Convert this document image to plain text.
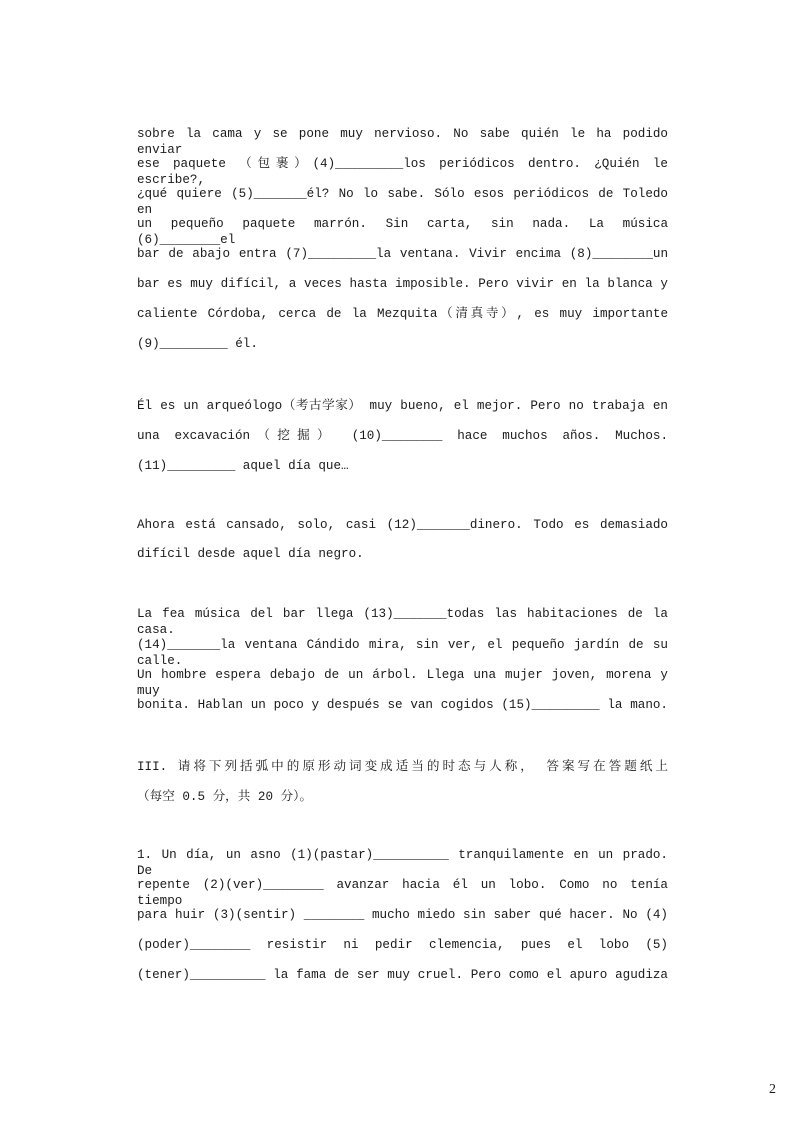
sobre la cama y se pone muy nervioso. No sabe quién le ha podido enviar
ese paquete （包裹）(4)_________los periódicos dentro. ¿Quién le escribe?,
¿qué quiere (5)_______él? No lo sabe. Sólo esos periódicos de Toledo en
un pequeño paquete marrón. Sin carta, sin nada. La música (6)________el
bar de abajo entra (7)_________la ventana. Vivir encima (8)________un
bar es muy difícil, a veces hasta imposible. Pero vivir en la blanca y
caliente Córdoba, cerca de la Mezquita（清真寺）, es muy importante
(9)_________ él.
Él es un arqueólogo（考古学家） muy bueno, el mejor. Pero no trabaja en
una excavación（挖掘） (10)________ hace muchos años. Muchos.
(11)_________ aquel día que…
Ahora está cansado, solo, casi (12)_______dinero. Todo es demasiado
difícil desde aquel día negro.
La fea música del bar llega (13)_______todas las habitaciones de la casa.
(14)_______la ventana Cándido mira, sin ver, el pequeño jardín de su calle.
Un hombre espera debajo de un árbol. Llega una mujer joven, morena y muy
bonita. Hablan un poco y después se van cogidos (15)_________ la mano.
III. 请将下列括弧中的原形动词变成适当的时态与人称， 答案写在答题纸上
（每空 0.5 分，共 20 分）。
1. Un día, un asno (1)(pastar)__________ tranquilamente en un prado. De
repente (2)(ver)________ avanzar hacia él un lobo. Como no tenía tiempo
para huir (3)(sentir) ________ mucho miedo sin saber qué hacer. No (4)
(poder)________ resistir ni pedir clemencia, pues el lobo (5)
(tener)__________ la fama de ser muy cruel. Pero como el apuro agudiza
2
